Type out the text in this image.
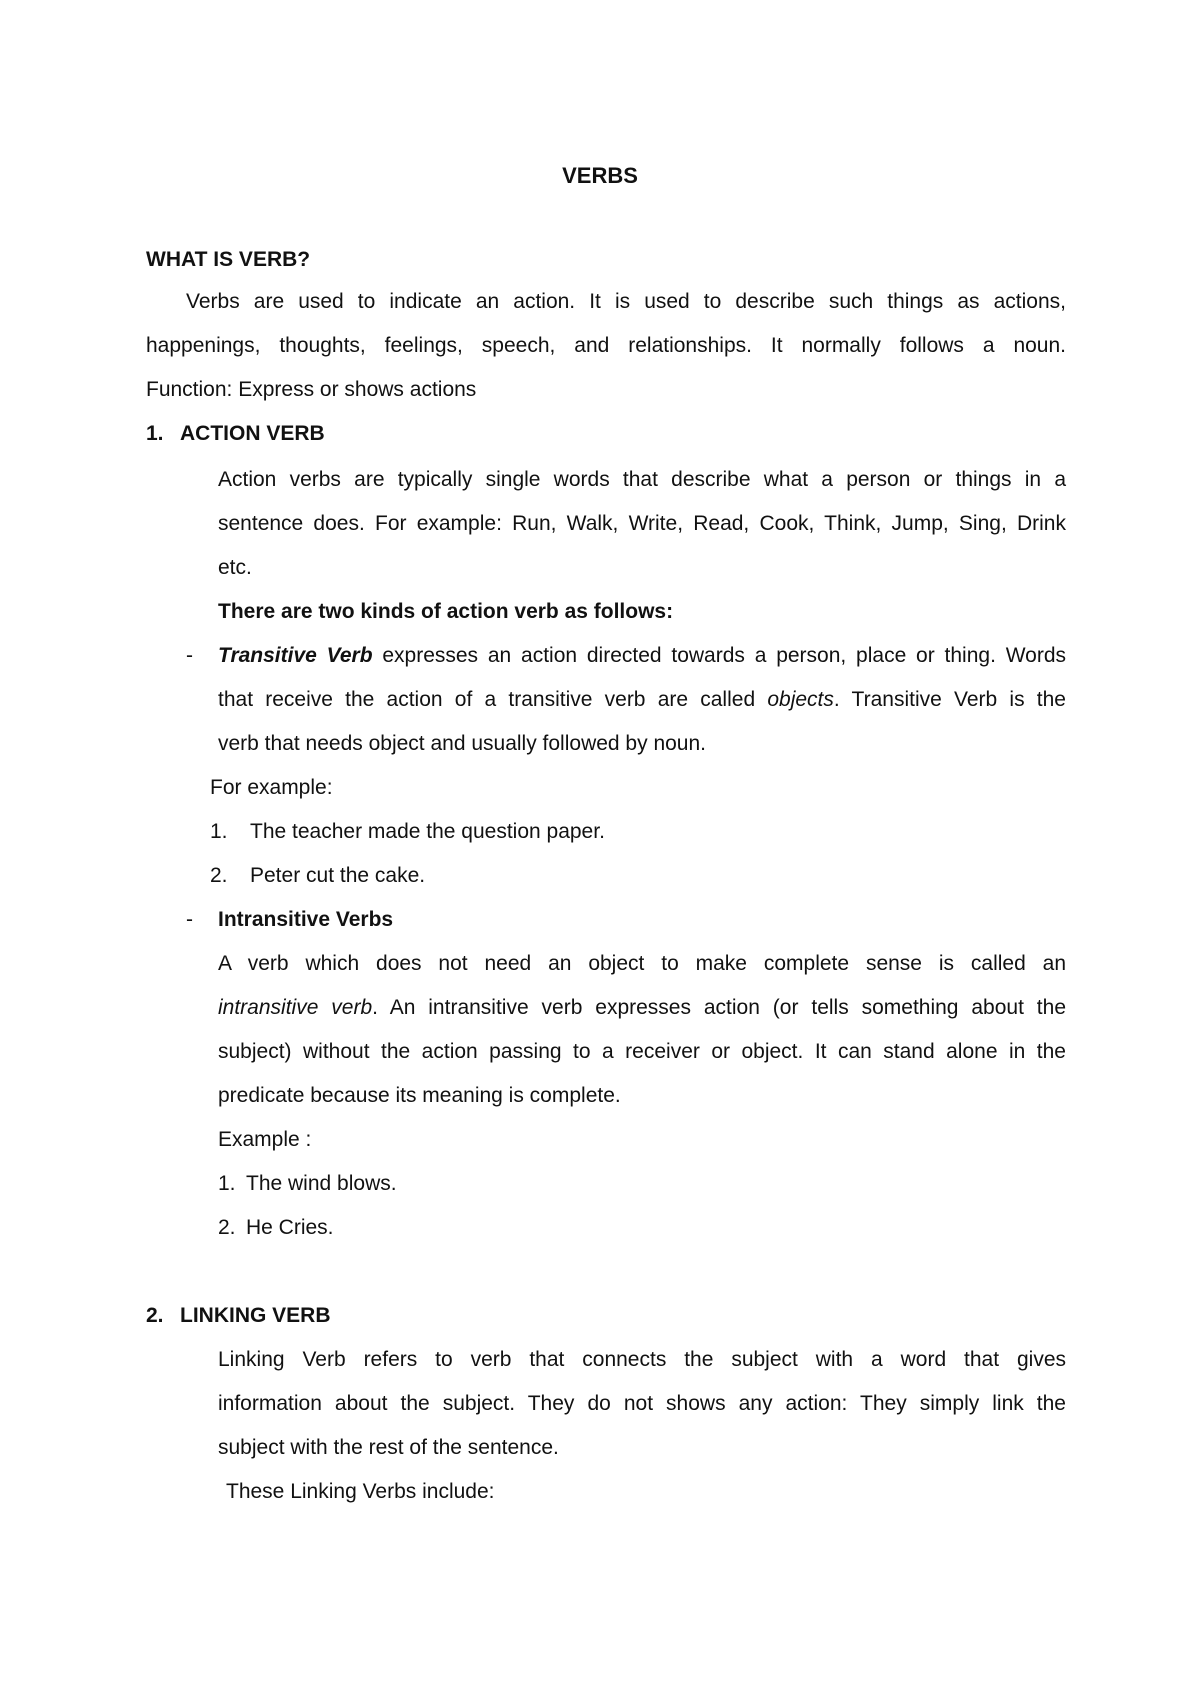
VERBS

WHAT IS VERB?

Verbs are used to indicate an action. It is used to describe such things as actions,

happenings, thoughts, feelings, speech, and relationships. It normally follows a noun.

Function: Express or shows actions

1. ACTION VERB

Action verbs are typically single words that describe what a person or things in a

sentence does. For example: Run, Walk, Write, Read, Cook, Think, Jump, Sing, Drink

etc.

There are two kinds of action verb as follows:

- Transitive Verb expresses an action directed towards a person, place or thing. Words

that receive the action of a transitive verb are called objects. Transitive Verb is the

verb that needs object and usually followed by noun.

For example:

1. The teacher made the question paper.

2. Peter cut the cake.

- Intransitive Verbs

A verb which does not need an object to make complete sense is called an

intransitive verb. An intransitive verb expresses action (or tells something about the

subject) without the action passing to a receiver or object. It can stand alone in the

predicate because its meaning is complete.

Example :

1. The wind blows.

2. He Cries.

2. LINKING VERB

Linking Verb refers to verb that connects the subject with a word that gives

information about the subject. They do not shows any action: They simply link the

subject with the rest of the sentence.

These Linking Verbs include:
